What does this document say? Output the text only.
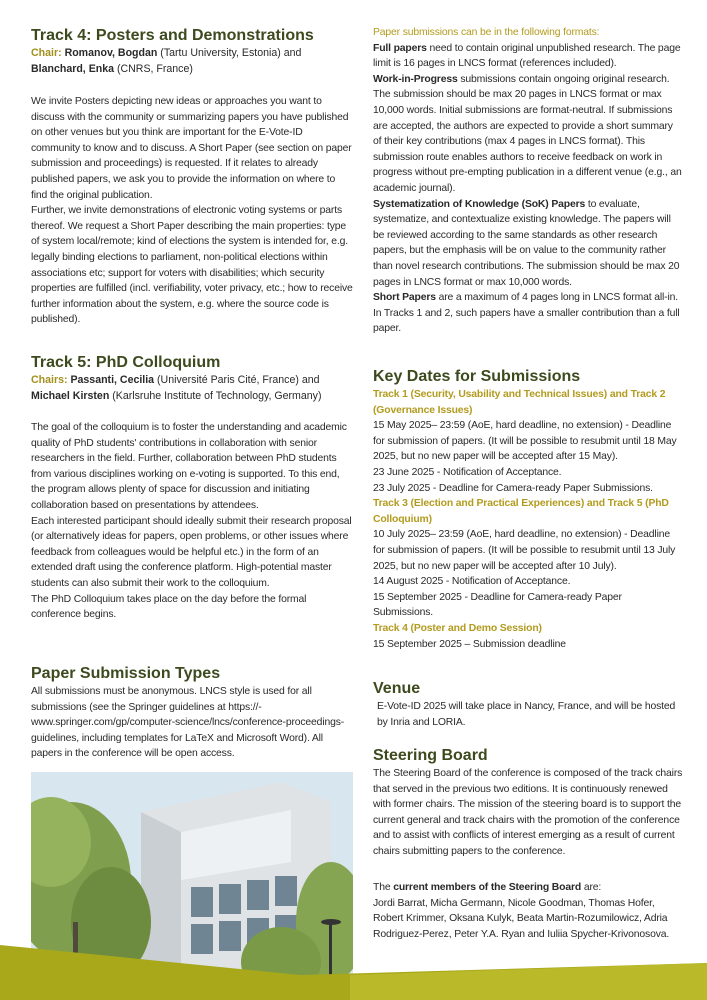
Track 4: Posters and Demonstrations
Chair: Romanov, Bogdan (Tartu University, Estonia) and
Blanchard, Enka (CNRS, France)

We invite Posters depicting new ideas or approaches you want to discuss with the community or summarizing papers you have published on other venues but you think are important for the E-Vote-ID community to know and to discuss. A Short Paper (see section on paper submission and proceedings) is requested. If it relates to already published papers, we ask you to provide the information on where to find the original publication.

Further, we invite demonstrations of electronic voting systems or parts thereof. We request a Short Paper describing the main properties: type of system local/remote; kind of elections the system is intended for, e.g. legally binding elections to parliament, non-political elections within associations etc; support for voters with disabilities; which security properties are fulfilled (incl. verifiability, voter privacy, etc.; how to receive further information about the system, e.g. where the source code is published).

Track 5: PhD Colloquium
Chairs: Passanti, Cecilia (Université Paris Cité, France) and
Michael Kirsten (Karlsruhe Institute of Technology, Germany)

The goal of the colloquium is to foster the understanding and academic quality of PhD students' contributions in collaboration with senior researchers in the field. Further, collaboration between PhD students from various disciplines working on e-voting is supported. To this end, the program allows plenty of space for discussion and initiating collaboration based on presentations by attendees.

Each interested participant should ideally submit their research proposal (or alternatively ideas for papers, open problems, or other issues where feedback from colleagues would be helpful etc.) in the form of an extended draft using the conference platform. High-potential master students can also submit their work to the colloquium.

The PhD Colloquium takes place on the day before the formal conference begins.

Paper Submission Types

All submissions must be anonymous. LNCS style is used for all submissions (see the Springer guidelines at https://-www.springer.com/gp/computer-science/lncs/conference-proceedings-guidelines, including templates for LaTeX and Microsoft Word). All papers in the conference will be open access.

Paper submissions can be in the following formats:

Full papers need to contain original unpublished research. The page limit is 16 pages in LNCS format (references included).

Work-in-Progress submissions contain ongoing original research. The submission should be max 20 pages in LNCS format or max 10,000 words. Initial submissions are format-neutral. If submissions are accepted, the authors are expected to provide a short summary of their key contributions (max 4 pages in LNCS format). This submission route enables authors to receive feedback on work in progress without pre-empting publication in a different venue (e.g., an academic journal).

Systematization of Knowledge (SoK) Papers to evaluate, systematize, and contextualize existing knowledge. The papers will be reviewed according to the same standards as other research papers, but the emphasis will be on value to the community rather than novel research contributions. The submission should be max 20 pages in LNCS format or max 10,000 words.

Short Papers are a maximum of 4 pages long in LNCS format all-in. In Tracks 1 and 2, such papers have a smaller contribution than a full paper.

Key Dates for Submissions

Track 1 (Security, Usability and Technical Issues) and Track 2 (Governance Issues)

15 May 2025– 23:59 (AoE, hard deadline, no extension) - Deadline for submission of papers. (It will be possible to resubmit until 18 May 2025, but no new paper will be accepted after 15 May).

23 June 2025 - Notification of Acceptance.

23 July 2025 - Deadline for Camera-ready Paper Submissions.

Track 3 (Election and Practical Experiences) and Track 5 (PhD Colloquium)

10 July 2025– 23:59 (AoE, hard deadline, no extension) - Deadline for submission of papers. (It will be possible to resubmit until 13 July 2025, but no new paper will be accepted after 10 July).

14 August 2025 - Notification of Acceptance.

15 September 2025 - Deadline for Camera-ready Paper Submissions.

Track 4 (Poster and Demo Session)

15 September 2025 – Submission deadline

Venue

E-Vote-ID 2025 will take place in Nancy, France, and will be hosted by Inria and LORIA.

Steering Board

The Steering Board of the conference is composed of the track chairs that served in the previous two editions. It is continuously renewed with former chairs. The mission of the steering board is to support the current general and track chairs with the promotion of the conference and to assist with conflicts of interest emerging as a result of current chairs submitting papers to the conference.

The current members of the Steering Board are:

Jordi Barrat, Micha Germann, Nicole Goodman, Thomas Hofer, Robert Krimmer, Oksana Kulyk, Beata Martin-Rozumilowicz, Adria Rodriguez-Perez, Peter Y.A. Ryan and Iuliia Spycher-Krivonosova.
